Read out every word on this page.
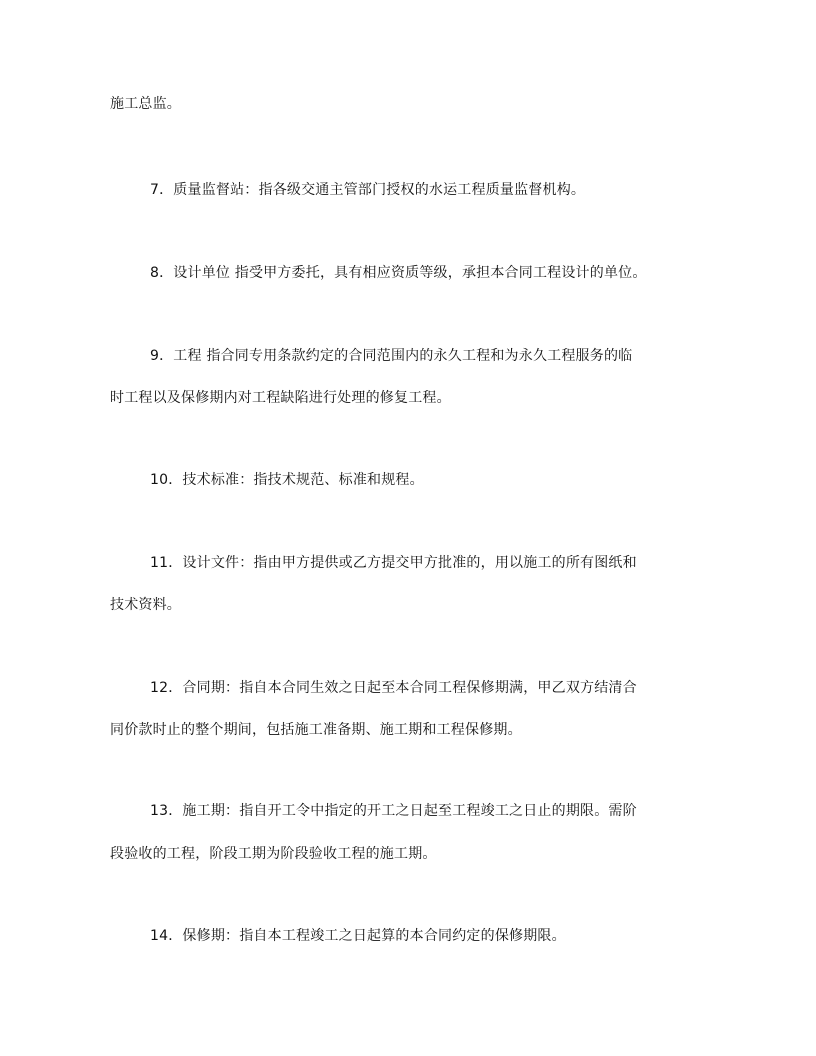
施工总监。
7．质量监督站：指各级交通主管部门授权的水运工程质量监督机构。
8．设计单位 指受甲方委托，具有相应资质等级，承担本合同工程设计的单位。
9．工程 指合同专用条款约定的合同范围内的永久工程和为永久工程服务的临
时工程以及保修期内对工程缺陷进行处理的修复工程。
10．技术标准：指技术规范、标准和规程。
11．设计文件：指由甲方提供或乙方提交甲方批准的，用以施工的所有图纸和
技术资料。
12．合同期：指自本合同生效之日起至本合同工程保修期满，甲乙双方结清合
同价款时止的整个期间，包括施工准备期、施工期和工程保修期。
13．施工期：指自开工令中指定的开工之日起至工程竣工之日止的期限。需阶
段验收的工程，阶段工期为阶段验收工程的施工期。
14．保修期：指自本工程竣工之日起算的本合同约定的保修期限。
